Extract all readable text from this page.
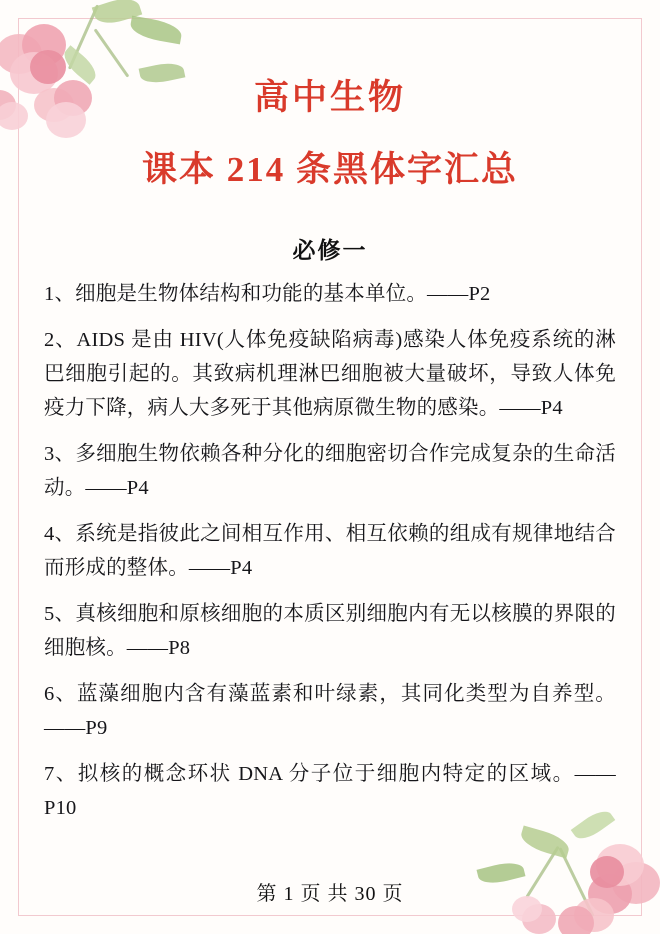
高中生物
课本 214 条黑体字汇总
必修一
1、细胞是生物体结构和功能的基本单位。——P2
2、AIDS 是由 HIV(人体免疫缺陷病毒)感染人体免疫系统的淋巴细胞引起的。其致病机理淋巴细胞被大量破坏，导致人体免疫力下降，病人大多死于其他病原微生物的感染。——P4
3、多细胞生物依赖各种分化的细胞密切合作完成复杂的生命活动。——P4
4、系统是指彼此之间相互作用、相互依赖的组成有规律地结合而形成的整体。——P4
5、真核细胞和原核细胞的本质区别细胞内有无以核膜的界限的细胞核。——P8
6、蓝藻细胞内含有藻蓝素和叶绿素，其同化类型为自养型。——P9
7、拟核的概念环状 DNA 分子位于细胞内特定的区域。——P10
第 1 页 共 30 页
